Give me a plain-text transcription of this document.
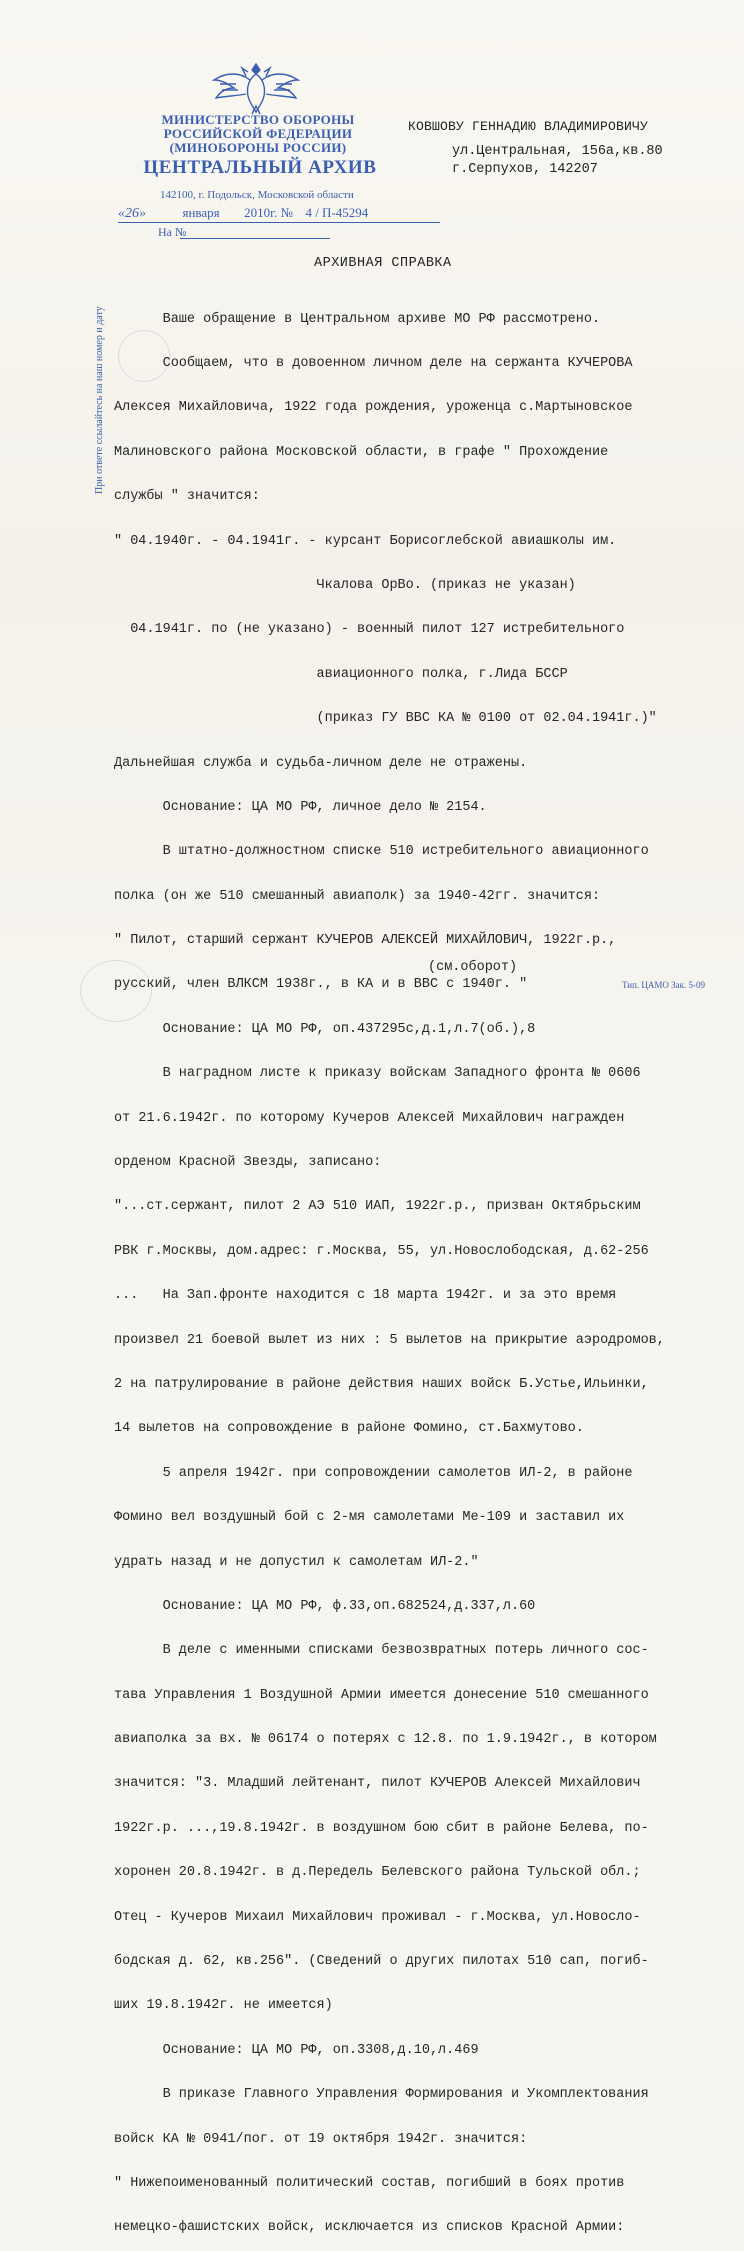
МИНИСТЕРСТВО ОБОРОНЫ
РОССИЙСКОЙ ФЕДЕРАЦИИ
(МИНОБОРОНЫ РОССИИ)
ЦЕНТРАЛЬНЫЙ АРХИВ
142100, г. Подольск, Московской области
«26»	января 2010г. № 4 / П-45294
На №
При ответе ссылайтесь на наш номер и дату
КОВШОВУ ГЕННАДИЮ ВЛАДИМИРОВИЧУ
ул.Центральная, 156а,кв.80
г.Серпухов, 142207
АРХИВНАЯ СПРАВКА

Ваше обращение в Центральном архиве МО РФ рассмотрено.

Сообщаем, что в довоенном личном деле на сержанта КУЧЕРОВА

Алексея Михайловича, 1922 года рождения, уроженца с.Мартыновское

Малиновского района Московской области, в графе " Прохождение

службы " значится:

" 04.1940г. - 04.1941г. - курсант Борисоглебской авиашколы им.

Чкалова ОрВо. (приказ не указан)

04.1941г. по (не указано) - военный пилот 127 истребительного

авиационного полка, г.Лида БССР

(приказ ГУ ВВС КА № 0100 от 02.04.1941г.)"

Дальнейшая служба и судьба-личном деле не отражены.

Основание: ЦА МО РФ, личное дело № 2154.

В штатно-должностном списке 510 истребительного авиационного

полка (он же 510 смешанный авиаполк) за 1940-42гг. значится:

" Пилот, старший сержант КУЧЕРОВ АЛЕКСЕЙ МИХАЙЛОВИЧ, 1922г.р.,

русский, член ВЛКСМ 1938г., в КА и в ВВС с 1940г. "

Основание: ЦА МО РФ, оп.437295с,д.1,л.7(об.),8

В наградном листе к приказу войскам Западного фронта № 0606

от 21.6.1942г. по которому Кучеров Алексей Михайлович награжден

орденом Красной Звезды, записано:

"...ст.сержант, пилот 2 АЭ 510 ИАП, 1922г.р., призван Октябрьским

РВК г.Москвы, дом.адрес: г.Москва, 55, ул.Новослободская, д.62-256

...   На Зап.фронте находится с 18 марта 1942г. и за это время

произвел 21 боевой вылет из них : 5 вылетов на прикрытие аэродромов,

2 на патрулирование в районе действия наших войск Б.Устье,Ильинки,

14 вылетов на сопровождение в районе Фомино, ст.Бахмутово.

5 апреля 1942г. при сопровождении самолетов ИЛ-2, в районе

Фомино вел воздушный бой с 2-мя самолетами Ме-109 и заставил их

удрать назад и не допустил к самолетам ИЛ-2."

Основание: ЦА МО РФ, ф.33,оп.682524,д.337,л.60

В деле с именными списками безвозвратных потерь личного сос-

тава Управления 1 Воздушной Армии имеется донесение 510 смешанного

авиаполка за вх. № 06174 о потерях с 12.8. по 1.9.1942г., в котором

значится: "3. Младший лейтенант, пилот КУЧЕРОВ Алексей Михайлович

1922г.р. ...,19.8.1942г. в воздушном бою сбит в районе Белева, по-

хоронен 20.8.1942г. в д.Передель Белевского района Тульской обл.;

Отец - Кучеров Михаил Михайлович проживал - г.Москва, ул.Новосло-

бодская д. 62, кв.256". (Сведений о других пилотах 510 сап, погиб-

ших 19.8.1942г. не имеется)

Основание: ЦА МО РФ, оп.3308,д.10,л.469

В приказе Главного Управления Формирования и Укомплектования

войск КА № 0941/пог. от 19 октября 1942г. значится:

" Нижепоименованный политический состав, погибший в боях против

немецко-фашистских войск, исключается из списков Красной Армии:

(см.оборот)
Тип. ЦАМО Зак. 5-09
